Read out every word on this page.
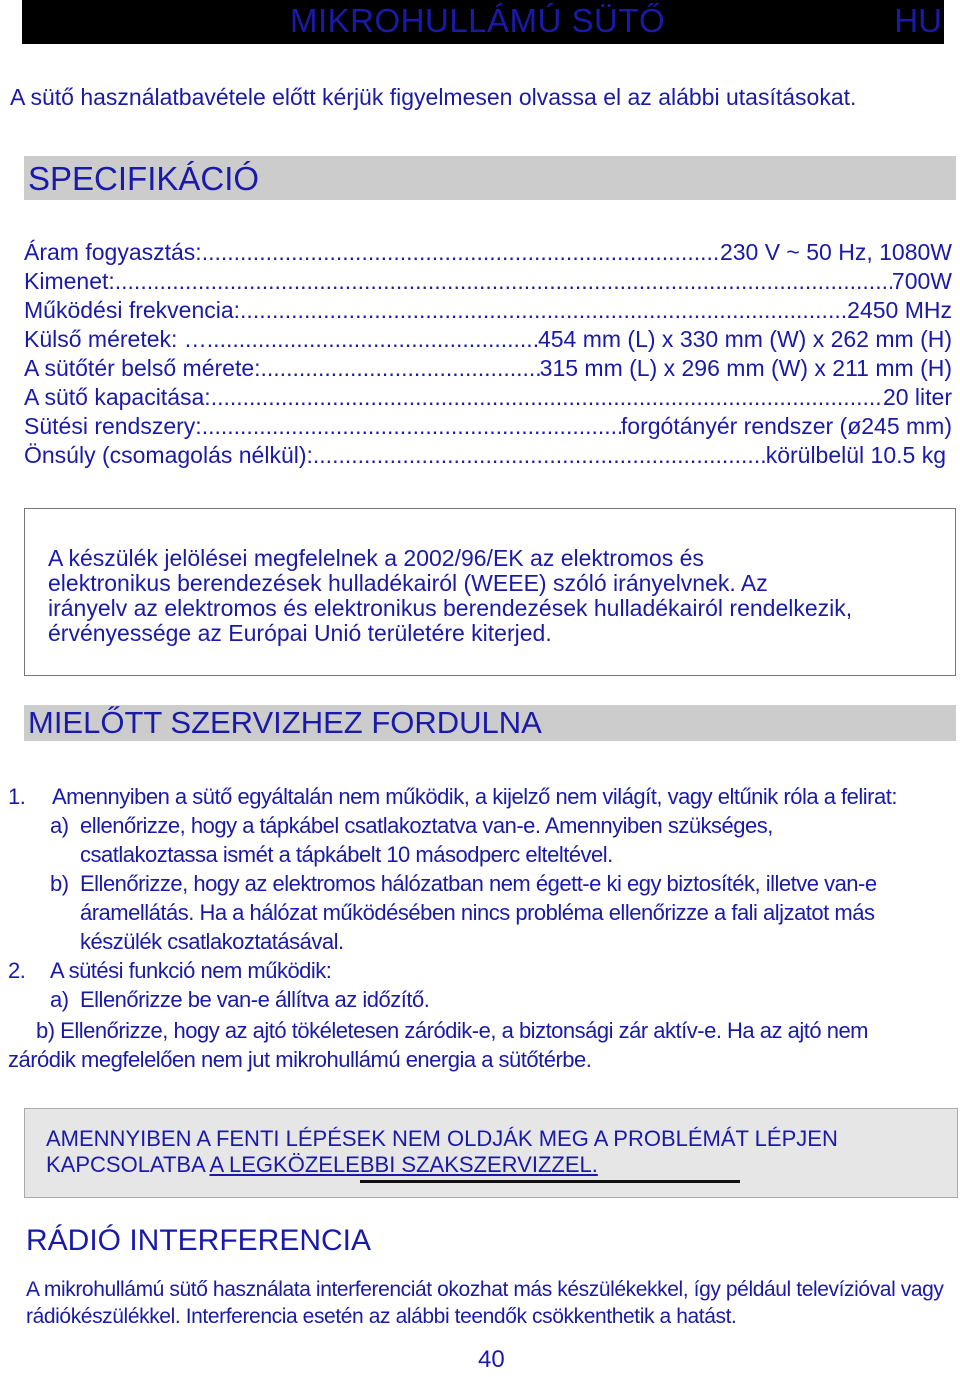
MIKROHULLÁMÚ SÜTŐ	HU
A sütő használatbavétele előtt kérjük figyelmesen olvassa el az alábbi utasításokat.
SPECIFIKÁCIÓ
Áram fogyasztás: .....	230 V ~ 50 Hz, 1080W
Kimenet: .....	700W
Működési frekvencia: .....	2450 MHz
Külső méretek: … .....	454 mm (L) x 330 mm (W) x 262 mm (H)
A sütőtér belső mérete: .....	315 mm (L) x 296 mm (W) x 211 mm (H)
A sütő kapacitása: .....	20 liter
Sütési rendszery: .....	forgótányér rendszer (ø245 mm)
Önsúly (csomagolás nélkül): .....	körülbelül 10.5 kg
A készülék jelölései megfelelnek a 2002/96/EK az elektromos és
elektronikus berendezések hulladékairól (WEEE) szóló irányelvnek. Az
irányelv az elektromos és elektronikus berendezések hulladékairól rendelkezik,
érvényessége az Európai Unió területére kiterjed.
MIELŐTT SZERVIZHEZ FORDULNA
1. Amennyiben a sütő egyáltalán nem működik, a kijelző nem világít, vagy eltűnik róla a felirat:
a) ellenőrizze, hogy a tápkábel csatlakoztatva van-e. Amennyiben szükséges,
csatlakoztassa ismét a tápkábelt 10 másodperc elteltével.
b) Ellenőrizze, hogy az elektromos hálózatban nem égett-e ki egy biztosíték, illetve van-e
áramellátás. Ha a hálózat működésében nincs probléma ellenőrizze a fali aljzatot más
készülék csatlakoztatásával.
2. A sütési funkció nem működik:
a) Ellenőrizze be van-e állítva az időzítő.
b) Ellenőrizze, hogy az ajtó tökéletesen záródik-e, a biztonsági zár aktív-e. Ha az ajtó nem
záródik megfelelően nem jut mikrohullámú energia a sütőtérbe.
AMENNYIBEN A FENTI LÉPÉSEK NEM OLDJÁK MEG A PROBLÉMÁT LÉPJEN
KAPCSOLATBA A LEGKÖZELEBBI SZAKSZERVIZZEL.
RÁDIÓ INTERFERENCIA
A mikrohullámú sütő használata interferenciát okozhat más készülékekkel, így például televízióval vagy rádiókészülékkel. Interferencia esetén az alábbi teendők csökkenthetik a hatást.
40
